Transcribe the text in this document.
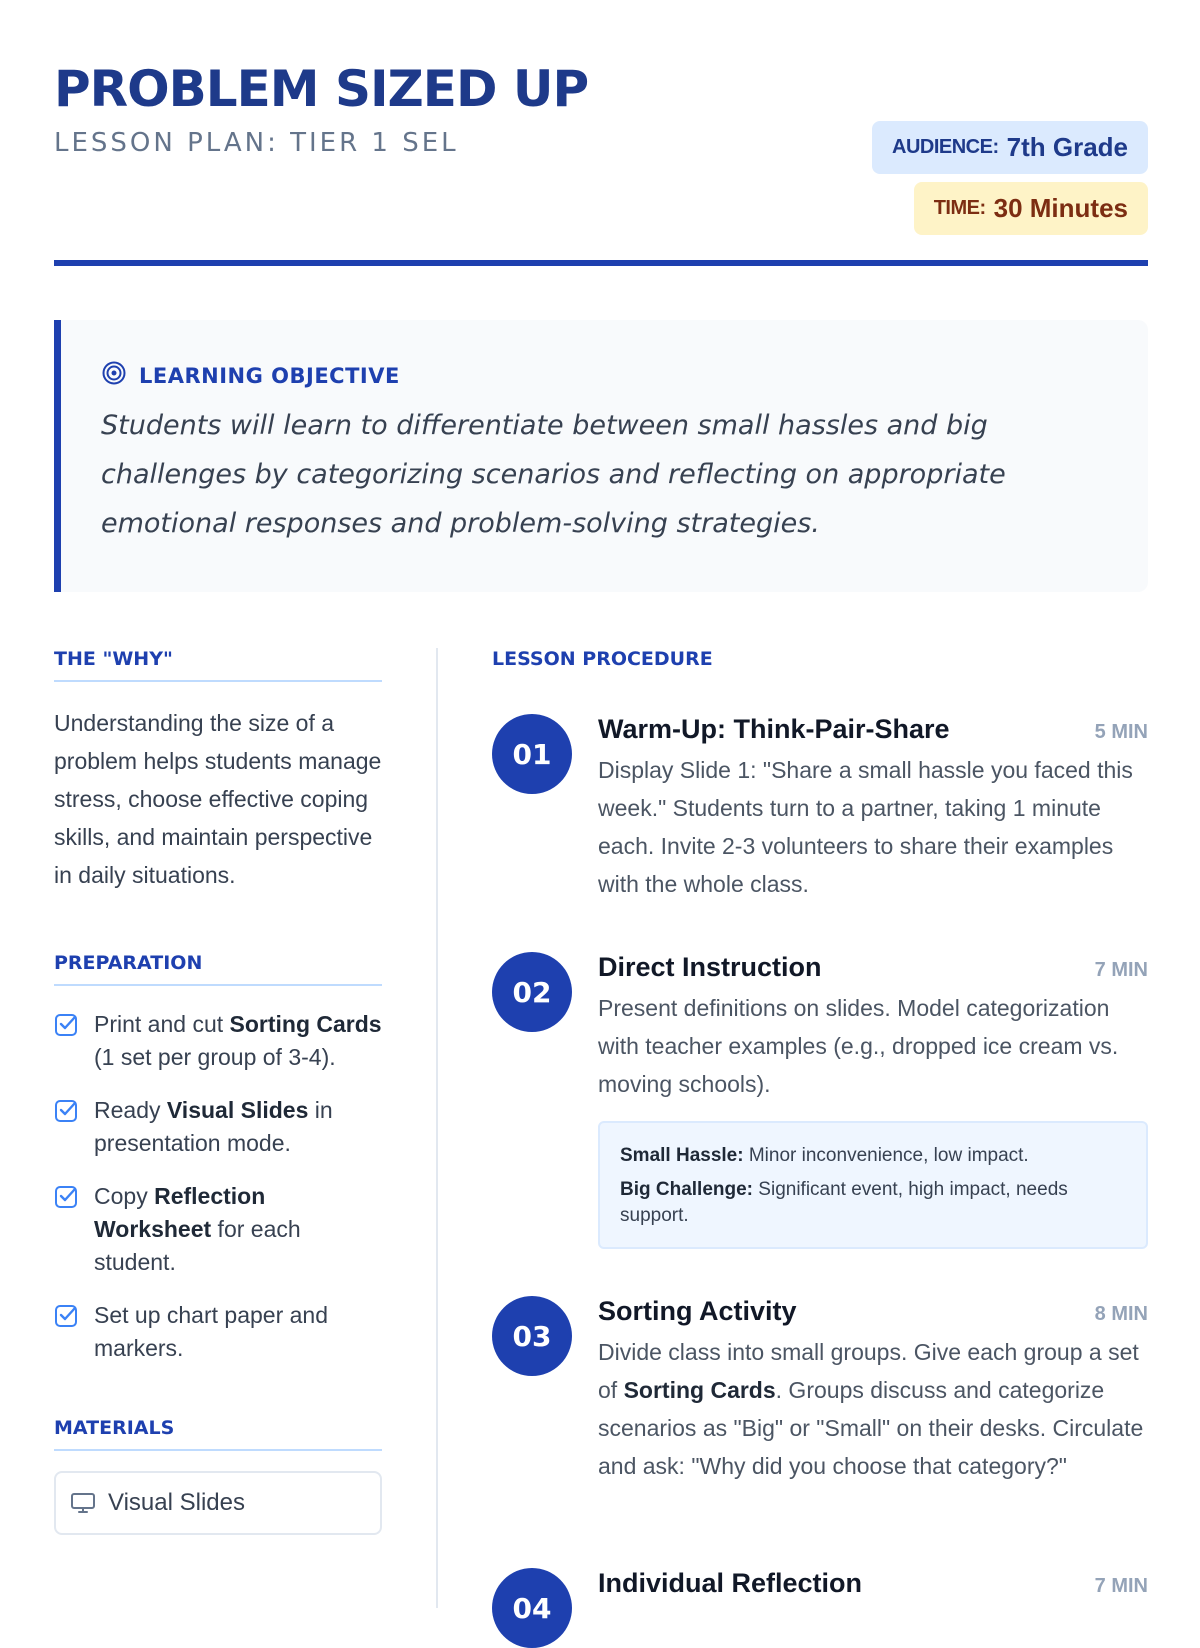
PROBLEM SIZED UP
LESSON PLAN: TIER 1 SEL	AUDIENCE: 7th Grade
TIME: 30 Minutes
LEARNING OBJECTIVE

Students will learn to differentiate between small hassles and big challenges by categorizing scenarios and reflecting on appropriate emotional responses and problem-solving strategies.

THE "WHY"

Understanding the size of a problem helps students manage stress, choose effective coping skills, and maintain perspective in daily situations.

PREPARATION
Print and cut Sorting Cards (1 set per group of 3-4).
Ready Visual Slides in presentation mode.
Copy Reflection Worksheet for each student.
Set up chart paper and markers.
MATERIALS
Visual Slides
LESSON PROCEDURE
01
Warm-Up: Think-Pair-Share	5 MIN

Display Slide 1: "Share a small hassle you faced this week." Students turn to a partner, taking 1 minute each. Invite 2-3 volunteers to share their examples with the whole class.

02
Direct Instruction	7 MIN

Present definitions on slides. Model categorization with teacher examples (e.g., dropped ice cream vs. moving schools).

Small Hassle: Minor inconvenience, low impact.

Big Challenge: Significant event, high impact, needs support.

03
Sorting Activity	8 MIN

Divide class into small groups. Give each group a set of Sorting Cards. Groups discuss and categorize scenarios as "Big" or "Small" on their desks. Circulate and ask: "Why did you choose that category?"

04
Individual Reflection	7 MIN
